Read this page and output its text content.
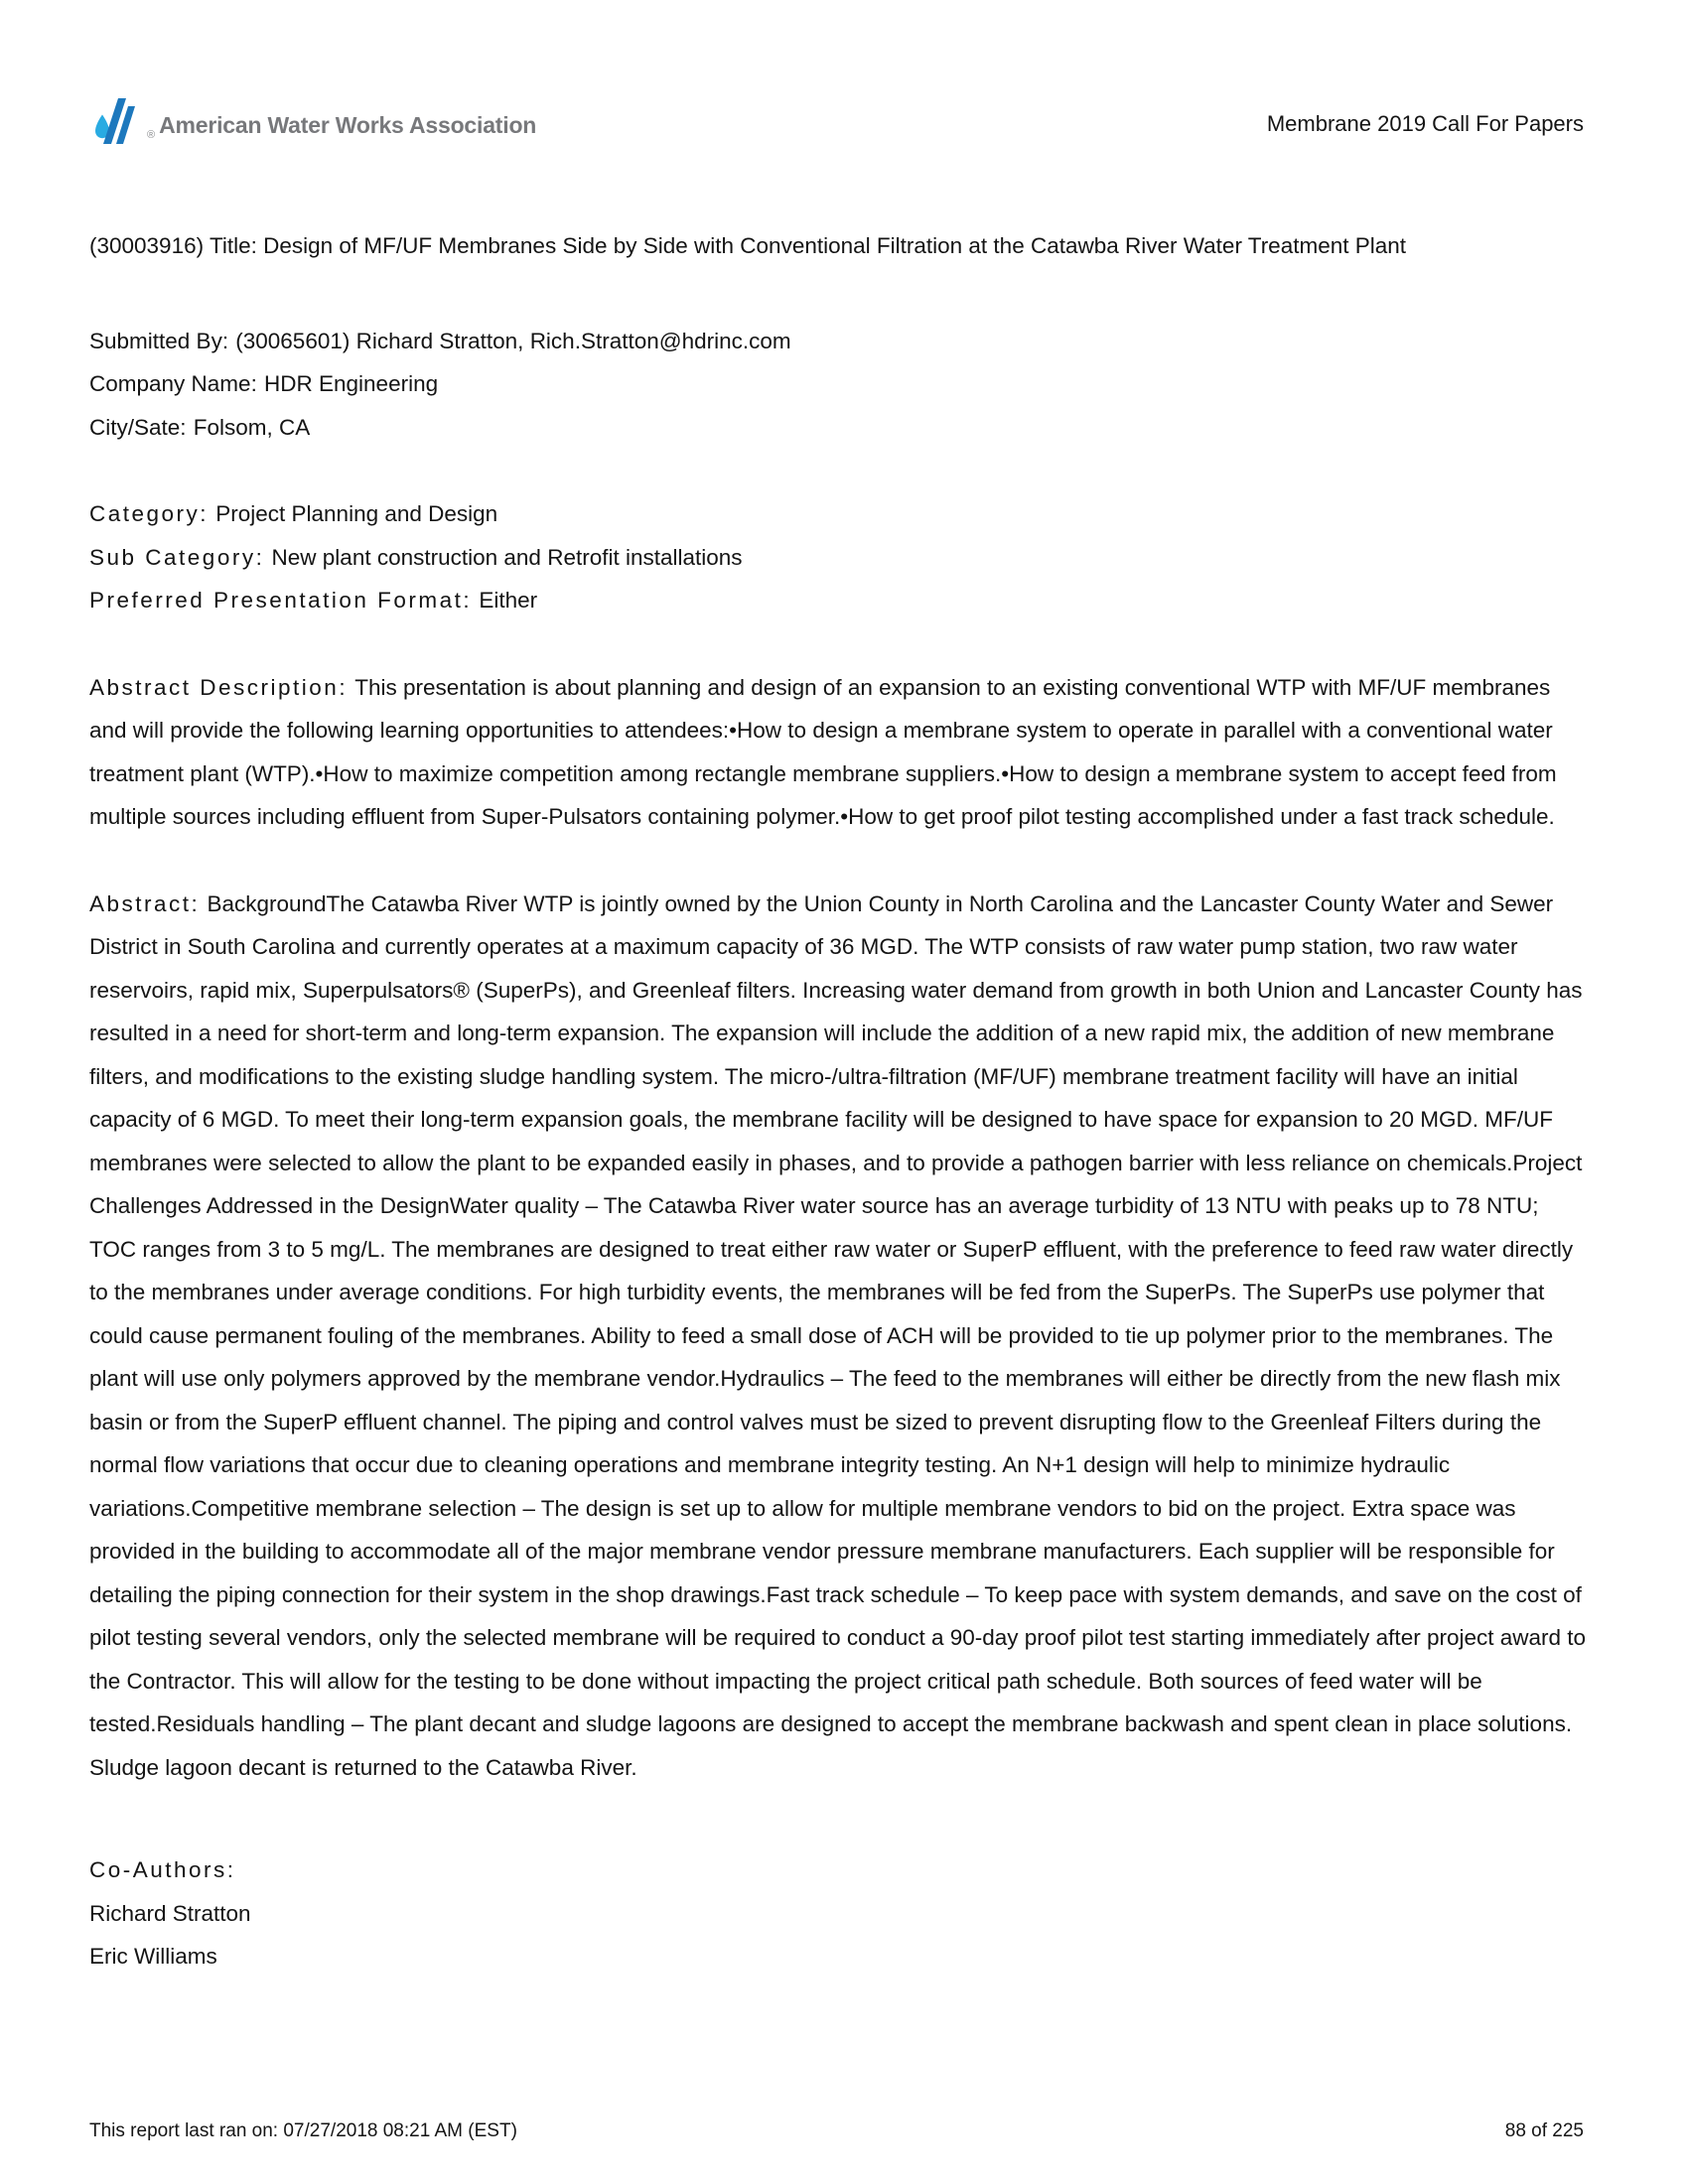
® American Water Works Association	Membrane 2019 Call For Papers

(30003916) Title: Design of MF/UF Membranes Side by Side with Conventional Filtration at the Catawba River Water Treatment Plant

Submitted By: (30065601) Richard Stratton, Rich.Stratton@hdrinc.com

Company Name: HDR Engineering

City/Sate: Folsom, CA

Category: Project Planning and Design

Sub Category: New plant construction and Retrofit installations

Preferred Presentation Format: Either

Abstract Description: This presentation is about planning and design of an expansion to an existing conventional WTP with MF/UF membranes and will provide the following learning opportunities to attendees:•How to design a membrane system to operate in parallel with a conventional water treatment plant (WTP).•How to maximize competition among rectangle membrane suppliers.•How to design a membrane system to accept feed from multiple sources including effluent from Super-Pulsators containing polymer.•How to get proof pilot testing accomplished under a fast track schedule.

Abstract: BackgroundThe Catawba River WTP is jointly owned by the Union County in North Carolina and the Lancaster County Water and Sewer District in South Carolina and currently operates at a maximum capacity of 36 MGD. The WTP consists of raw water pump station, two raw water reservoirs, rapid mix, Superpulsators® (SuperPs), and Greenleaf filters. Increasing water demand from growth in both Union and Lancaster County has resulted in a need for short-term and long-term expansion. The expansion will include the addition of a new rapid mix, the addition of new membrane filters, and modifications to the existing sludge handling system. The micro-/ultra-filtration (MF/UF) membrane treatment facility will have an initial capacity of 6 MGD. To meet their long-term expansion goals, the membrane facility will be designed to have space for expansion to 20 MGD. MF/UF membranes were selected to allow the plant to be expanded easily in phases, and to provide a pathogen barrier with less reliance on chemicals.Project Challenges Addressed in the DesignWater quality – The Catawba River water source has an average turbidity of 13 NTU with peaks up to 78 NTU; TOC ranges from 3 to 5 mg/L. The membranes are designed to treat either raw water or SuperP effluent, with the preference to feed raw water directly to the membranes under average conditions. For high turbidity events, the membranes will be fed from the SuperPs. The SuperPs use polymer that could cause permanent fouling of the membranes. Ability to feed a small dose of ACH will be provided to tie up polymer prior to the membranes. The plant will use only polymers approved by the membrane vendor.Hydraulics – The feed to the membranes will either be directly from the new flash mix basin or from the SuperP effluent channel. The piping and control valves must be sized to prevent disrupting flow to the Greenleaf Filters during the normal flow variations that occur due to cleaning operations and membrane integrity testing. An N+1 design will help to minimize hydraulic variations.Competitive membrane selection – The design is set up to allow for multiple membrane vendors to bid on the project. Extra space was provided in the building to accommodate all of the major membrane vendor pressure membrane manufacturers. Each supplier will be responsible for detailing the piping connection for their system in the shop drawings.Fast track schedule – To keep pace with system demands, and save on the cost of pilot testing several vendors, only the selected membrane will be required to conduct a 90-day proof pilot test starting immediately after project award to the Contractor. This will allow for the testing to be done without impacting the project critical path schedule. Both sources of feed water will be tested.Residuals handling – The plant decant and sludge lagoons are designed to accept the membrane backwash and spent clean in place solutions. Sludge lagoon decant is returned to the Catawba River.

Co-Authors:

Richard Stratton

Eric Williams

This report last ran on: 07/27/2018 08:21 AM (EST)	88 of 225
